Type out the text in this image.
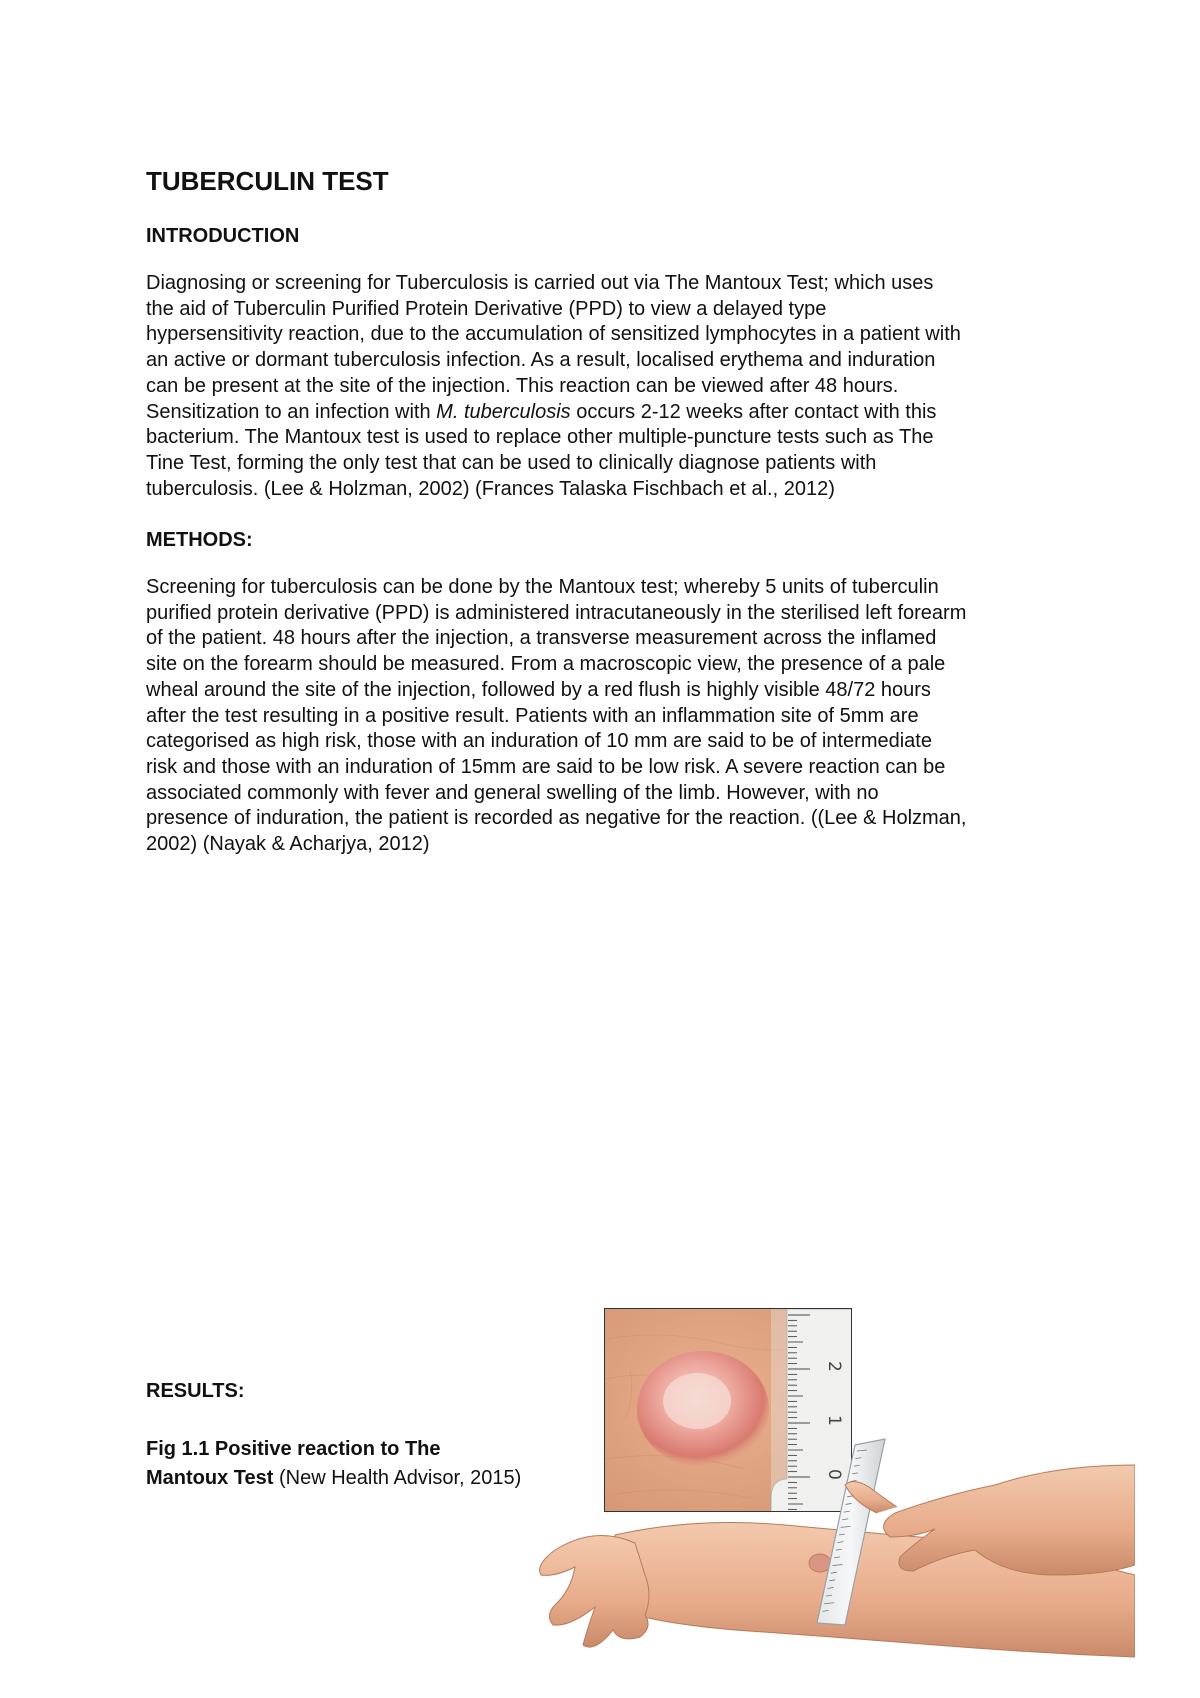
TUBERCULIN TEST
INTRODUCTION
Diagnosing or screening for Tuberculosis is carried out via The Mantoux Test; which uses
the aid of Tuberculin Purified Protein Derivative (PPD) to view a delayed type
hypersensitivity reaction, due to the accumulation of sensitized lymphocytes in a patient with
an active or dormant tuberculosis infection. As a result, localised erythema and induration
can be present at the site of the injection. This reaction can be viewed after 48 hours.
Sensitization to an infection with M. tuberculosis occurs 2-12 weeks after contact with this
bacterium. The Mantoux test is used to replace other multiple-puncture tests such as The
Tine Test, forming the only test that can be used to clinically diagnose patients with
tuberculosis. (Lee & Holzman, 2002) (Frances Talaska Fischbach et al., 2012)
METHODS:
Screening for tuberculosis can be done by the Mantoux test; whereby 5 units of tuberculin
purified protein derivative (PPD) is administered intracutaneously in the sterilised left forearm
of the patient. 48 hours after the injection, a transverse measurement across the inflamed
site on the forearm should be measured. From a macroscopic view, the presence of a pale
wheal around the site of the injection, followed by a red flush is highly visible 48/72 hours
after the test resulting in a positive result. Patients with an inflammation site of 5mm are
categorised as high risk, those with an induration of 10 mm are said to be of intermediate
risk and those with an induration of 15mm are said to be low risk. A severe reaction can be
associated commonly with fever and general swelling of the limb. However, with no
presence of induration, the patient is recorded as negative for the reaction. ((Lee & Holzman,
2002) (Nayak & Acharjya, 2012)
RESULTS:

Fig 1.1 Positive reaction to The Mantoux Test (New Health Advisor, 2015)

2
1
0
